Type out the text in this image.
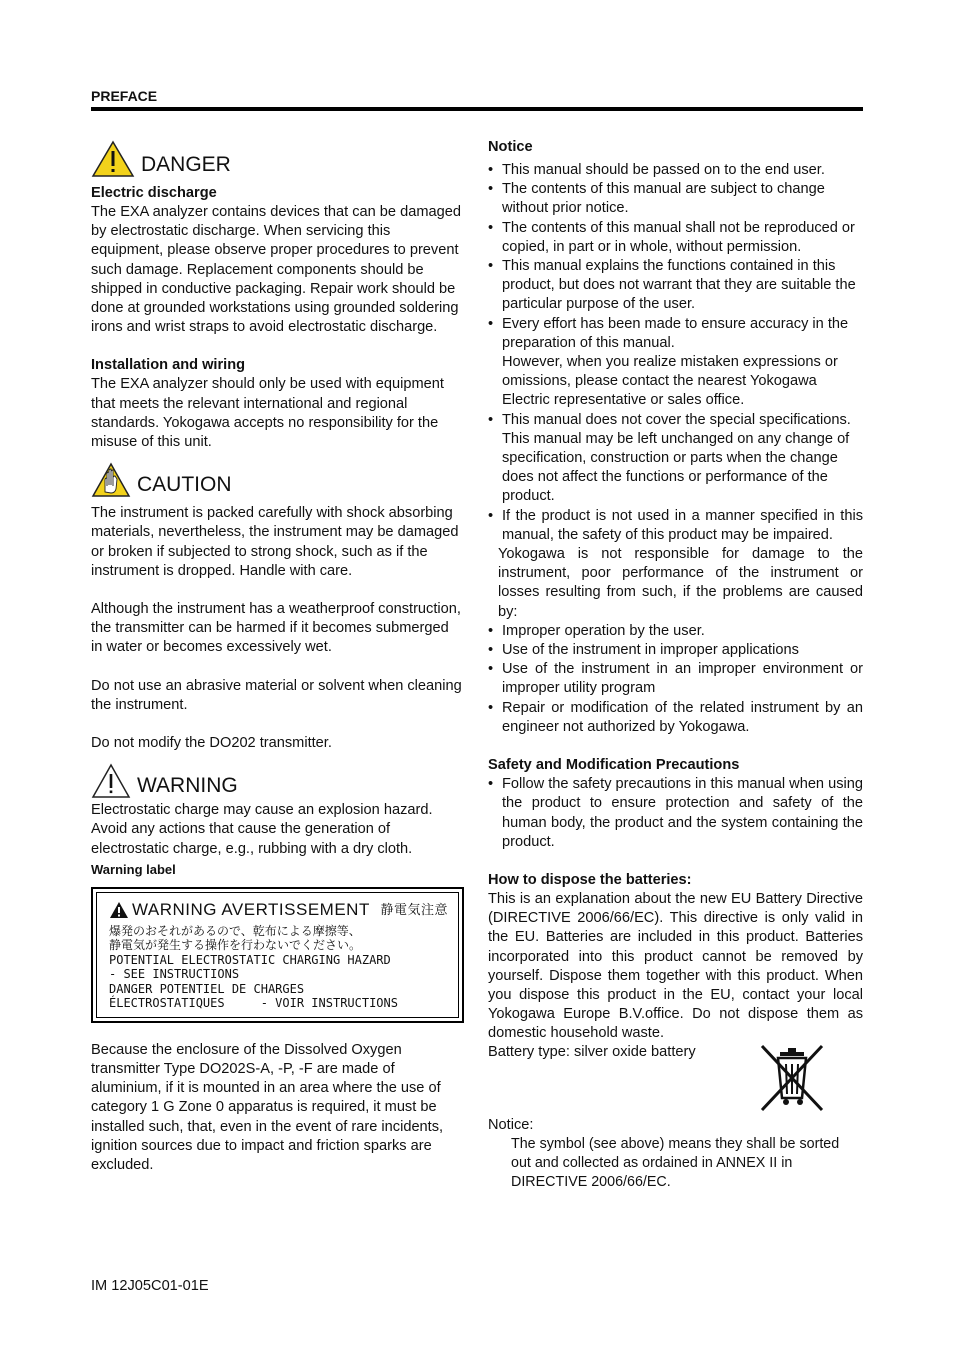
PREFACE
DANGER

Electric discharge

The EXA analyzer contains devices that can be damaged by electrostatic discharge. When servicing this equipment, please observe proper procedures to prevent such damage. Replacement components should be shipped in conductive packaging. Repair work should be done at grounded workstations using grounded soldering irons and wrist straps to avoid electrostatic discharge.

Installation and wiring

The EXA analyzer should only be used with equipment that meets the relevant international and regional standards. Yokogawa accepts no responsibility for the misuse of this unit.

CAUTION

The instrument is packed carefully with shock absorbing materials, nevertheless, the instrument may be damaged or broken if subjected to strong shock, such as if the instrument is dropped. Handle with care.

Although the instrument has a weatherproof construction, the transmitter can be harmed if it becomes submerged in water or becomes excessively wet.

Do not use an abrasive material or solvent when cleaning the instrument.

Do not modify the DO202 transmitter.

WARNING

Electrostatic charge may cause an explosion hazard. Avoid any actions that cause the generation of electrostatic charge, e.g., rubbing with a dry cloth.

Warning label

WARNING AVERTISSEMENT 静電気注意
爆発のおそれがあるので、乾布による摩擦等、
静電気が発生する操作を行わないでください。
POTENTIAL ELECTROSTATIC CHARGING HAZARD
- SEE INSTRUCTIONS
DANGER POTENTIEL DE CHARGES
ÉLECTROSTATIQUES     - VOIR INSTRUCTIONS

Because the enclosure of the Dissolved Oxygen transmitter Type DO202S-A, -P, -F are made of aluminium, if it is mounted in an area where the use of category 1 G Zone 0 apparatus is required, it must be installed such, that, even in the event of rare incidents, ignition sources due to impact and friction sparks are excluded.

Notice

• This manual should be passed on to the end user.
• The contents of this manual are subject to change without prior notice.
• The contents of this manual shall not be reproduced or copied, in part or in whole, without permission.
• This manual explains the functions contained in this product, but does not warrant that they are suitable the particular purpose of the user.
• Every effort has been made to ensure accuracy in the preparation of this manual.

However, when you realize mistaken expressions or omissions, please contact the nearest Yokogawa Electric representative or sales office.

• This manual does not cover the special specifications. This manual may be left unchanged on any change of specification, construction or parts when the change does not affect the functions or performance of the product.
• If the product is not used in a manner specified in this manual, the safety of this product may be impaired.

Yokogawa is not responsible for damage to the instrument, poor performance of the instrument or losses resulting from such, if the problems are caused by:

• Improper operation by the user.
• Use of the instrument in improper applications
• Use of the instrument in an improper environment or improper utility program
• Repair or modification of the related instrument by an engineer not authorized by Yokogawa.

Safety and Modification Precautions

• Follow the safety precautions in this manual when using the product to ensure protection and safety of the human body, the product and the system containing the product.

How to dispose the batteries:

This is an explanation about the new EU Battery Directive (DIRECTIVE 2006/66/EC). This directive is only valid in the EU. Batteries are included in this product. Batteries incorporated into this product cannot be removed by yourself. Dispose them together with this product. When you dispose this product in the EU, contact your local Yokogawa Europe B.V.office. Do not dispose them as domestic household waste.

Battery type: silver oxide battery

Notice:

The symbol (see above) means they shall be sorted out and collected as ordained in ANNEX II in DIRECTIVE 2006/66/EC.

IM 12J05C01-01E
